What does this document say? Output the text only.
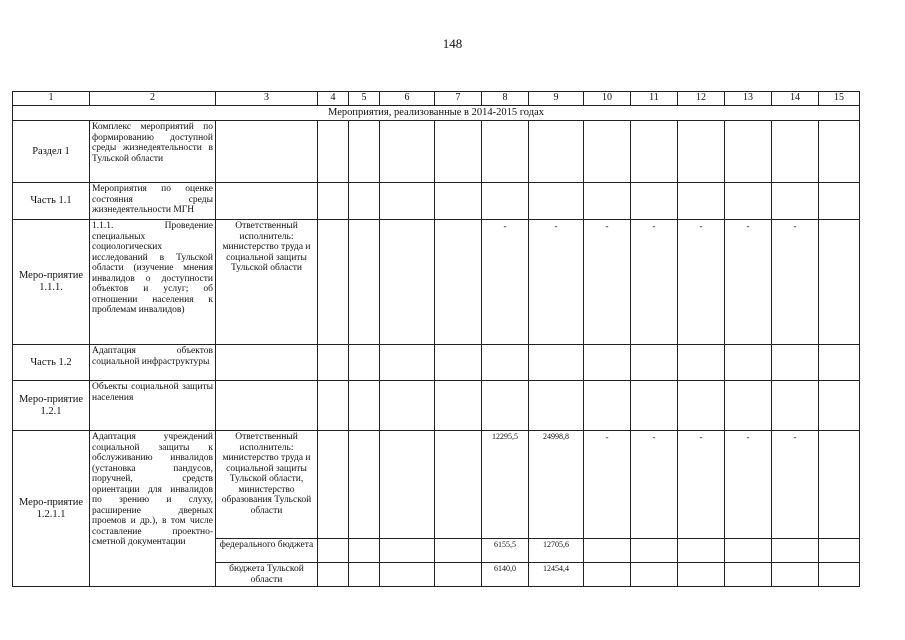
148
1	2	3	4	5	6	7	8	9	10	11	12	13	14	15
Мероприятия, реализованные в 2014-2015 годах														
Раздел 1	Комплекс мероприятий по формированию доступной среды жизнедеятельности в Тульской области													
Часть 1.1	Мероприятия по оценке состояния среды жизнедеятельности МГН													
Меро-приятие 1.1.1.	1.1.1. Проведение специальных социологических исследований в Тульской области (изучение мнения инвалидов о доступности объектов и услуг; об отношении населения к проблемам инвалидов)	Ответственный исполнитель: министерство труда и социальной защиты Тульской области					-	-	-	-	-	-	-	
Часть 1.2	Адаптация объектов социальной инфраструктуры													
Меро-приятие 1.2.1	Объекты социальной защиты населения													
Меро-приятие 1.2.1.1	Адаптация учреждений социальной защиты к обслуживанию инвалидов (установка пандусов, поручней, средств ориентации для инвалидов по зрению и слуху, расширение дверных проемов и др.), в том числе составление проектно-сметной документации	Ответственный исполнитель: министерство труда и социальной защиты Тульской области, министерство образования Тульской области					12295,5	24998,8	-	-	-	-	-	
		федерального бюджета					6155,5	12705,6						
		бюджета Тульской области					6140,0	12454,4						
